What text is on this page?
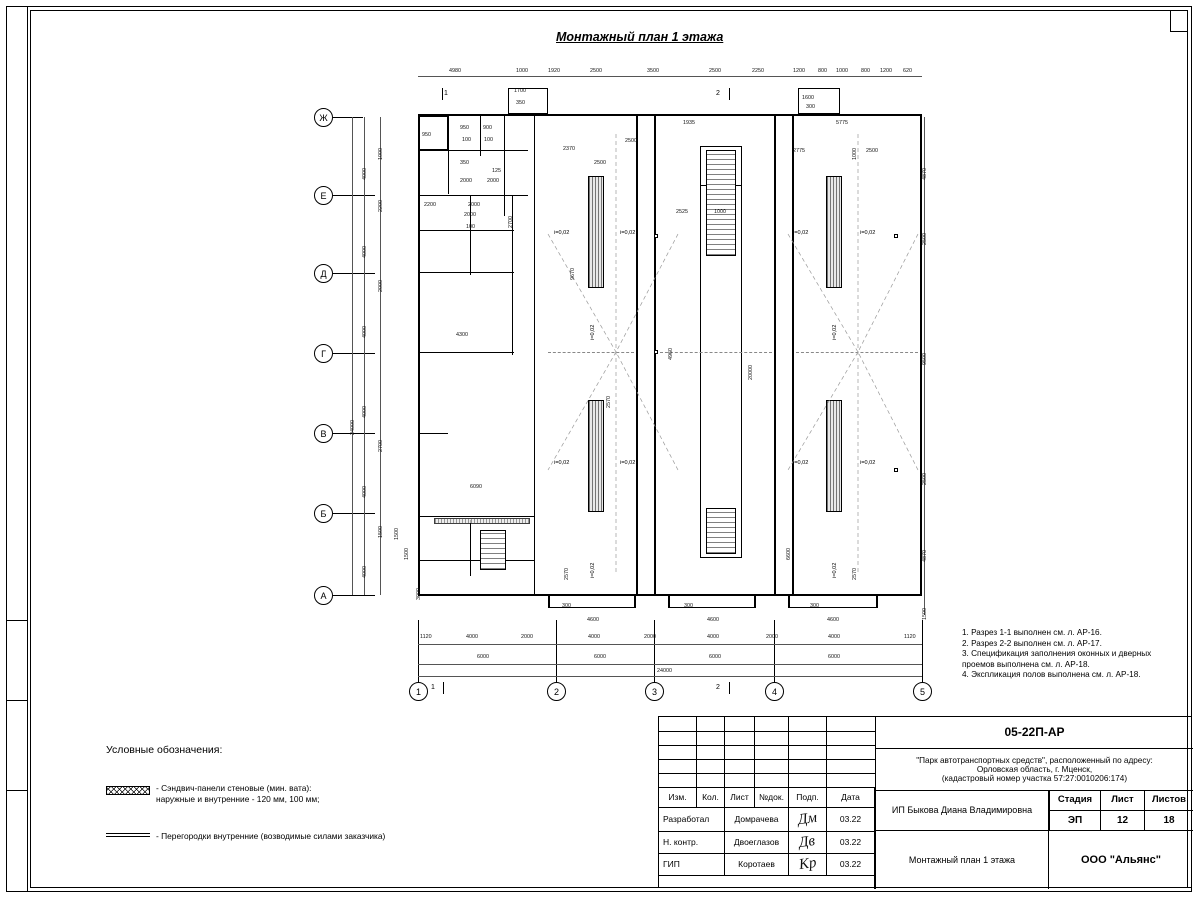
Монтажный план 1 этажа
Ж
Е
Д
Г
В
Б
А
1	2	3	4	5
4980	1000	1920	2500	3500	2500	2250	1200 800 1000 800 1200 620
1120	4000	2000	4000	2000	4000	2000	4000	1120
6000	6000	6000	6000
24000
4000
4000
4000
4000
4000
4000
24000
1000
2200
2000
2700
1500
4870
2500
9500
2500
4870
1500
4600	4600	4600
300	300	300
i=0,02	i=0,02
i=0,02	i=0,02
i=0,02	i=0,02
i=0,02	i=0,02
i=0,02	i=0,02
i=0,02	i=0,02
1	2
1	2
1700
350
1935	5775
2500
2525	1000
2775	2500
2370
2500
9670
4960
20000
4300
6090
2570	2570
2570
6600
1000
2200	2000
2700
950
950	900
100 100
350
125
2000	2000
1600
300
2000
100
3000
1500
1500
1. Разрез 1-1 выполнен см. л. АР-16.
2. Разрез 2-2 выполнен см. л. АР-17.
3. Спецификация заполнения оконных и дверных
проемов выполнена см. л. АР-18.
4. Экспликация полов выполнена см. л. АР-18.
Условные обозначения:
- Сэндвич-панели стеновые (мин. вата):
наружные и внутренние - 120 мм, 100 мм;
- Перегородки внутренние (возводимые силами заказчика)
Изм.	Кол.	Лист	№док.	Подп.	Дата
Разработал	Домрачева	Дм	03.22
Н. контр.	Двоеглазов	Дв	03.22
ГИП	Коротаев	Кр	03.22
05-22П-АР
"Парк автотранспортных средств", расположенный по адресу:
Орловская область, г. Мценск,
(кадастровый номер участка 57:27:0010206:174)
ИП Быкова Диана Владимировна
Стадия	Лист	Листов
ЭП	12	18
Монтажный план 1 этажа	ООО "Альянс"
